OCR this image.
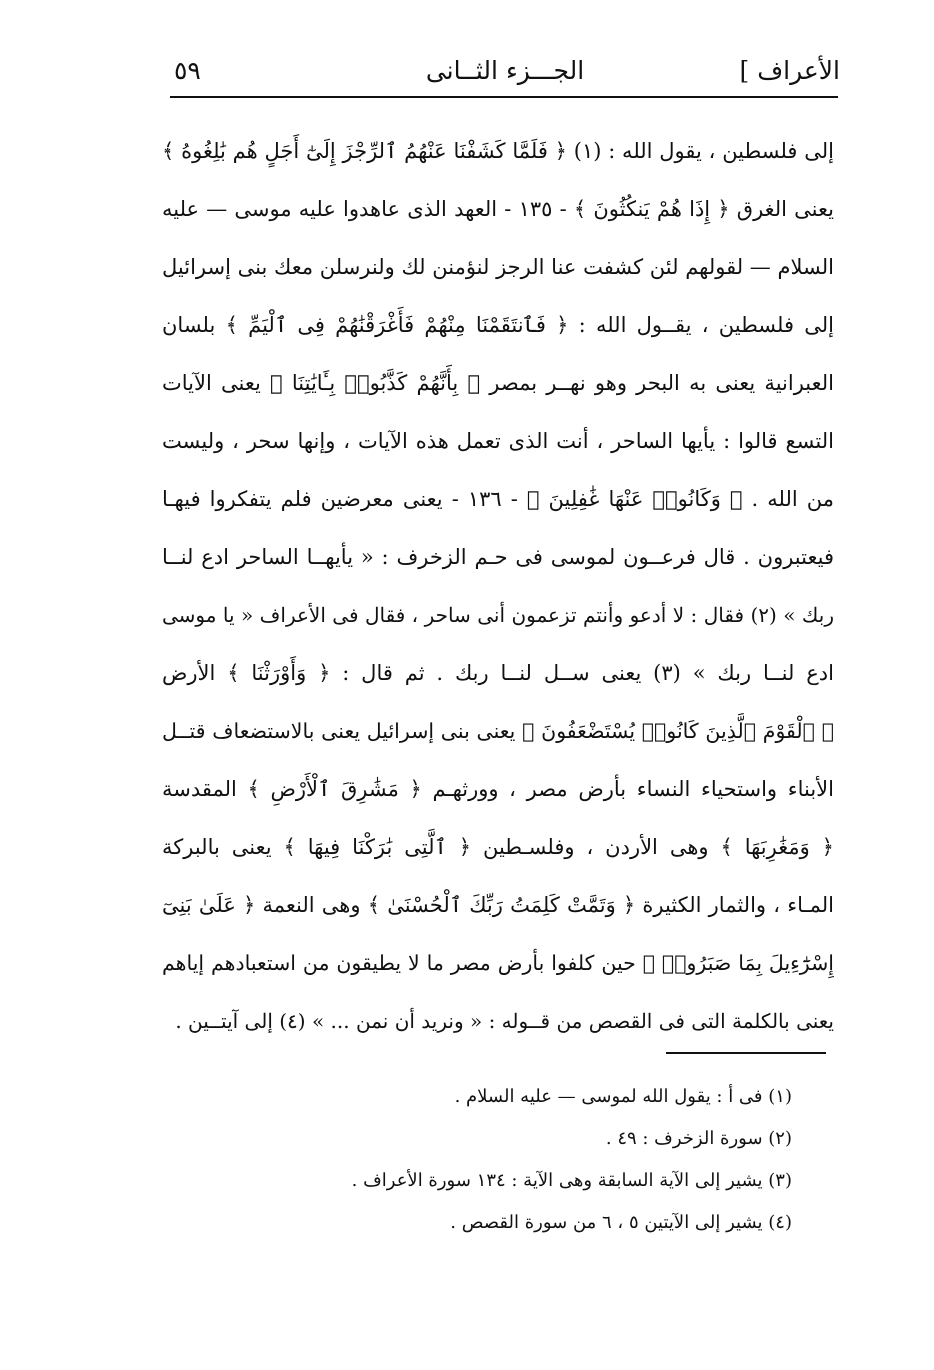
الأعراف ]
الجـــزء الثــانى
٥٩
إلى فلسطين ، يقول الله : (١) ﴿ فَلَمَّا كَشَفْنَا عَنْهُمُ ٱلرِّجْزَ إِلَىٰٓ أَجَلٍ هُم بَٰلِغُوهُ ﴾
يعنى الغرق ﴿ إِذَا هُمْ يَنكُثُونَ ﴾ - ١٣٥ - العهد الذى عاهدوا عليه موسى — عليه
السلام — لقولهم لئن كشفت عنا الرجز لنؤمنن لك ولنرسلن معك بنى إسرائيل
إلى فلسطين ، يقــول الله : ﴿ فَٱنتَقَمْنَا مِنْهُمْ فَأَغْرَقْنَٰهُمْ فِى ٱلْيَمِّ ﴾ بلسان
العبرانية يعنى به البحر وهو نهــر بمصر ﴿ بِأَنَّهُمْ كَذَّبُوا۟ بِـَٔايَٰتِنَا ﴾ يعنى الآيات
التسع قالوا : يأيها الساحر ، أنت الذى تعمل هذه الآيات ، وإنها سحر ، وليست
من الله . ﴿ وَكَانُوا۟ عَنْهَا غَٰفِلِينَ ﴾ - ١٣٦ - يعنى معرضين فلم يتفكروا فيهـا
فيعتبرون . قال فرعــون لموسى فى حـم الزخرف : « يأيهــا الساحر ادع لنــا
ربك » (٢) فقال : لا أدعو وأنتم تزعمون أنى ساحر ، فقال فى الأعراف « يا موسى
ادع لنــا ربك » (٣) يعنى ســل لنــا ربك . ثم قال : ﴿ وَأَوْرَثْنَا ﴾ الأرض
﴿ ٱلْقَوْمَ ٱلَّذِينَ كَانُوا۟ يُسْتَضْعَفُونَ ﴾ يعنى بنى إسرائيل يعنى بالاستضعاف قتــل
الأبناء واستحياء النساء بأرض مصر ، وورثهـم ﴿ مَشَٰرِقَ ٱلْأَرْضِ ﴾ المقدسة
﴿ وَمَغَٰرِبَهَا ﴾ وهى الأردن ، وفلسـطين ﴿ ٱلَّتِى بَٰرَكْنَا فِيهَا ﴾ يعنى بالبركة
المـاء ، والثمار الكثيرة ﴿ وَتَمَّتْ كَلِمَتُ رَبِّكَ ٱلْحُسْنَىٰ ﴾ وهى النعمة ﴿ عَلَىٰ بَنِىٓ
إِسْرَٰٓءِيلَ بِمَا صَبَرُوا۟ ﴾ حين كلفوا بأرض مصر ما لا يطيقون من استعبادهم إياهم
يعنى بالكلمة التى فى القصص من قــوله : « ونريد أن نمن ... » (٤) إلى آيتــين .
(١) فى أ : يقول الله لموسى — عليه السلام .
(٢) سورة الزخرف : ٤٩ .
(٣) يشير إلى الآية السابقة وهى الآية : ١٣٤ سورة الأعراف .
(٤) يشير إلى الآيتين ٥ ، ٦ من سورة القصص .
